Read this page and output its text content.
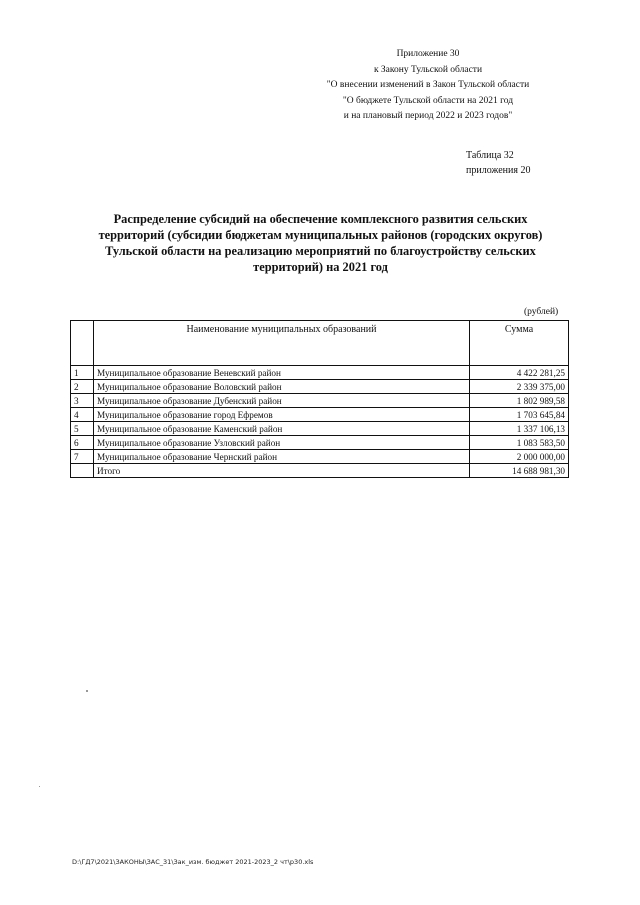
Приложение 30
к Закону Тульской области
"О внесении изменений в Закон Тульской области
"О бюджете Тульской области на 2021 год
и на плановый период 2022 и 2023 годов"
Таблица 32
приложения 20
Распределение субсидий на обеспечение комплексного развития сельских
территорий (субсидии бюджетам муниципальных районов (городских округов)
Тульской области на реализацию мероприятий по благоустройству сельских
территорий) на 2021 год
(рублей)
	Наименование муниципальных образований	Сумма
1	Муниципальное образование Веневский район	4 422 281,25
2	Муниципальное образование Воловский район	2 339 375,00
3	Муниципальное образование Дубенский район	1 802 989,58
4	Муниципальное образование город Ефремов	1 703 645,84
5	Муниципальное образование Каменский район	1 337 106,13
6	Муниципальное образование Узловский район	1 083 583,50
7	Муниципальное образование Чернский район	2 000 000,00
	Итого	14 688 981,30
D:\ГД7\2021\ЗАКОНЫ\ЗАС_31\Зак_изм. бюджет 2021-2023_2 чт\р30.xls
